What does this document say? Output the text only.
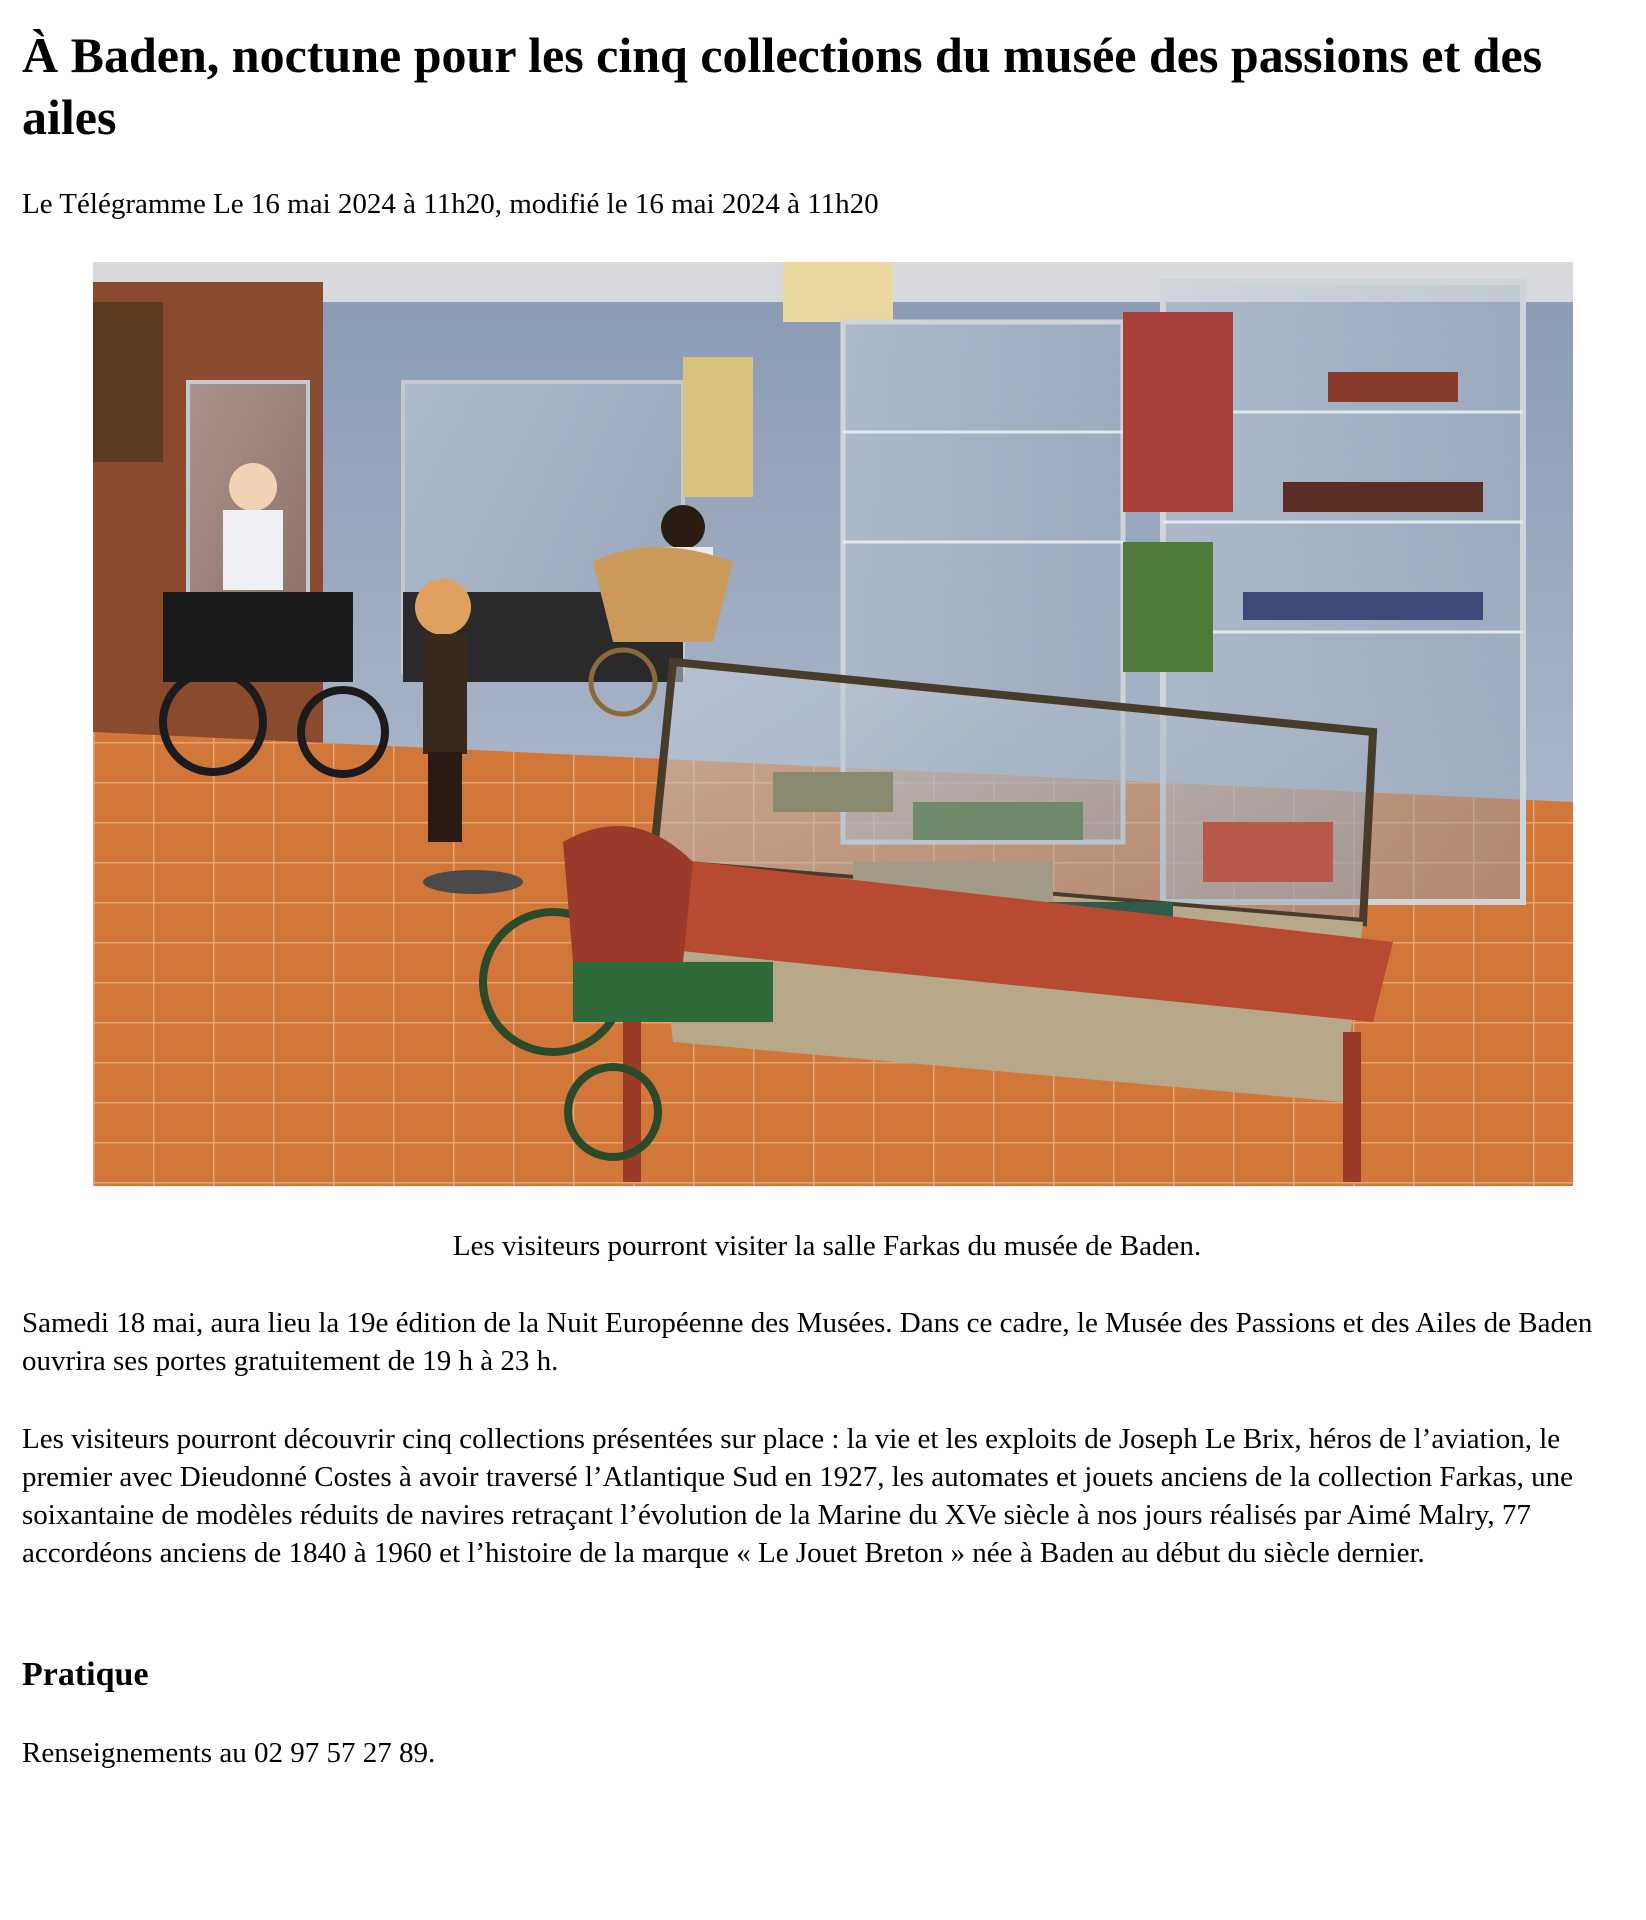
À Baden, noctune pour les cinq collections du musée des passions et des ailes
Le Télégramme Le 16 mai 2024 à 11h20, modifié le 16 mai 2024 à 11h20
Les visiteurs pourront visiter la salle Farkas du musée de Baden.

Samedi 18 mai, aura lieu la 19e édition de la Nuit Européenne des Musées. Dans ce cadre, le Musée des Passions et des Ailes de Baden ouvrira ses portes gratuitement de 19 h à 23 h.

Les visiteurs pourront découvrir cinq collections présentées sur place : la vie et les exploits de Joseph Le Brix, héros de l’aviation, le premier avec Dieudonné Costes à avoir traversé l’Atlantique Sud en 1927, les automates et jouets anciens de la collection Farkas, une soixantaine de modèles réduits de navires retraçant l’évolution de la Marine du XVe siècle à nos jours réalisés par Aimé Malry, 77 accordéons anciens de 1840 à 1960 et l’histoire de la marque « Le Jouet Breton » née à Baden au début du siècle dernier.

Pratique

Renseignements au 02 97 57 27 89.
